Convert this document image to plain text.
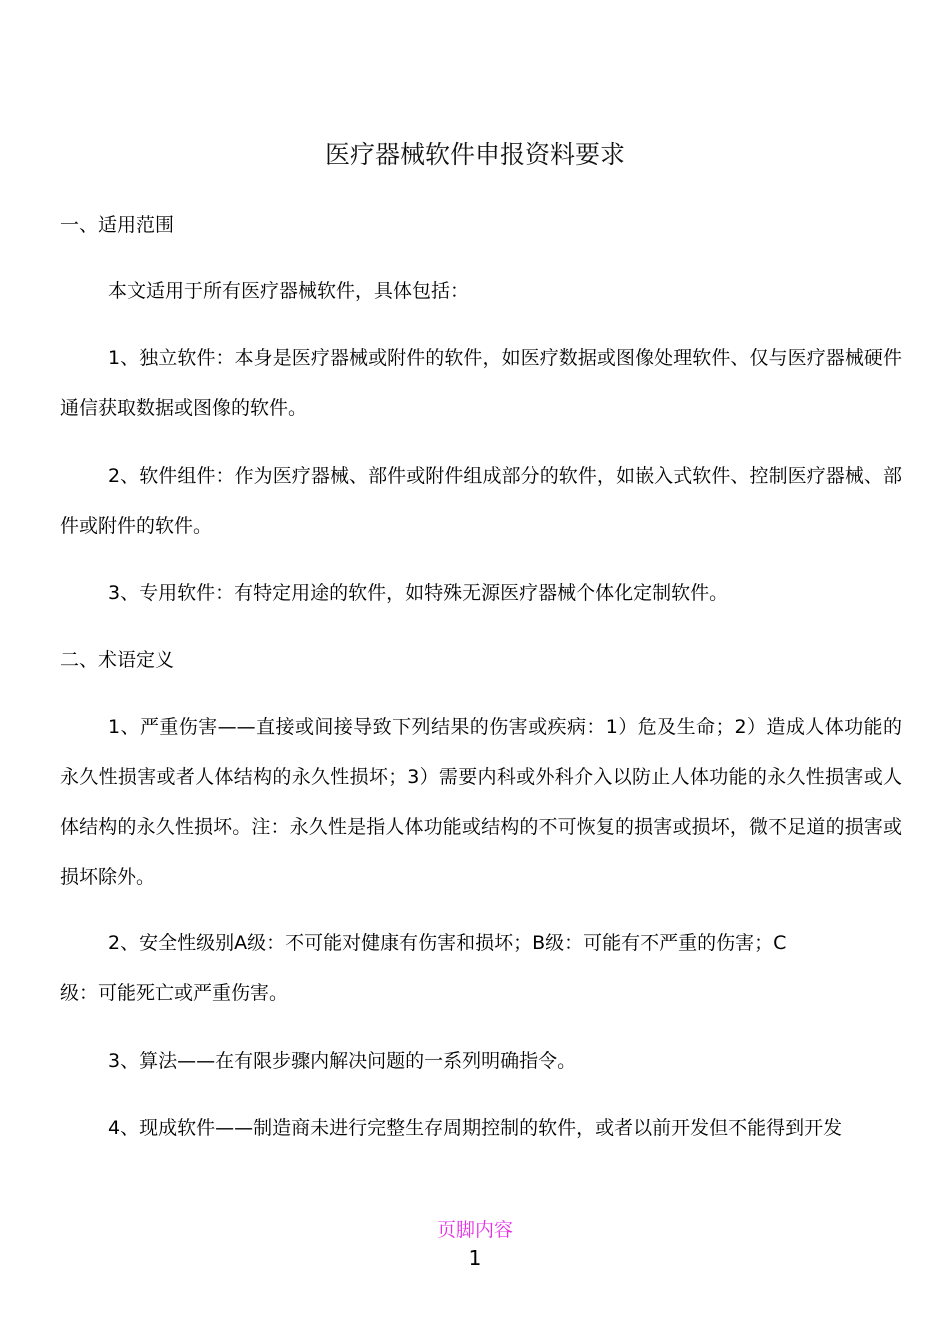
医疗器械软件申报资料要求
一、适用范围

本文适用于所有医疗器械软件，具体包括：

1、独立软件：本身是医疗器械或附件的软件，如医疗数据或图像处理软件、仅与医疗器械硬件通信获取数据或图像的软件。

2、软件组件：作为医疗器械、部件或附件组成部分的软件，如嵌入式软件、控制医疗器械、部件或附件的软件。

3、专用软件：有特定用途的软件，如特殊无源医疗器械个体化定制软件。

二、术语定义

1、严重伤害——直接或间接导致下列结果的伤害或疾病：1）危及生命；2）造成人体功能的永久性损害或者人体结构的永久性损坏；3）需要内科或外科介入以防止人体功能的永久性损害或人体结构的永久性损坏。注：永久性是指人体功能或结构的不可恢复的损害或损坏，微不足道的损害或损坏除外。

2、安全性级别A级：不可能对健康有伤害和损坏；B级：可能有不严重的伤害；C级：可能死亡或严重伤害。

3、算法——在有限步骤内解决问题的一系列明确指令。

4、现成软件——制造商未进行完整生存周期控制的软件，或者以前开发但不能得到开发

页脚内容
1
